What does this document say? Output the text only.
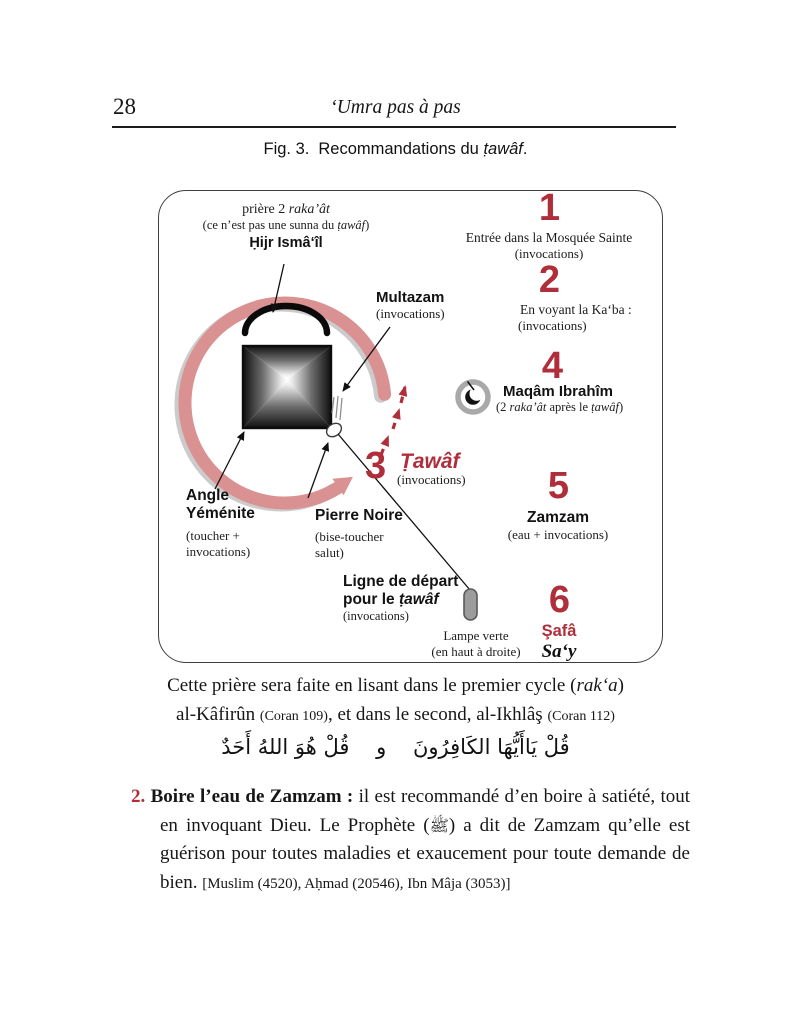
28	‘Umra pas à pas
Fig. 3. Recommandations du ṭawâf.
prière 2 raka’ât
(ce n’est pas une sunna du ṭawâf)
Ḥijr Ismâ‘îl
Multazam
(invocations)
3 Ṭawâf
(invocations)
Angle
Yéménite
(toucher +
invocations)
Pierre Noire
(bise-toucher
salut)
Ligne de départ
pour le ṭawâf
(invocations)
Lampe verte
(en haut à droite)
1
Entrée dans la Mosquée Sainte
(invocations)
2
En voyant la Ka‘ba :
(invocations)
4
Maqâm Ibrahîm
(2 raka’ât après le ṭawâf)
5
Zamzam
(eau + invocations)
6
Şafâ
Sa‘y
Cette prière sera faite en lisant dans le premier cycle (rak‘a)
al-Kâfirûn (Coran 109), et dans le second, al-Ikhlâş (Coran 112)
قُلْ يَاأَيُّهَا الكَافِرُونَ    و    قُلْ هُوَ اللهُ أَحَدٌ
2. Boire l’eau de Zamzam : il est recommandé d’en boire à satiété, tout en invoquant Dieu. Le Prophète (ﷺ) a dit de Zamzam qu’elle est guérison pour toutes maladies et exaucement pour toute demande de bien. [Muslim (4520), Aḥmad (20546), Ibn Mâja (3053)]
